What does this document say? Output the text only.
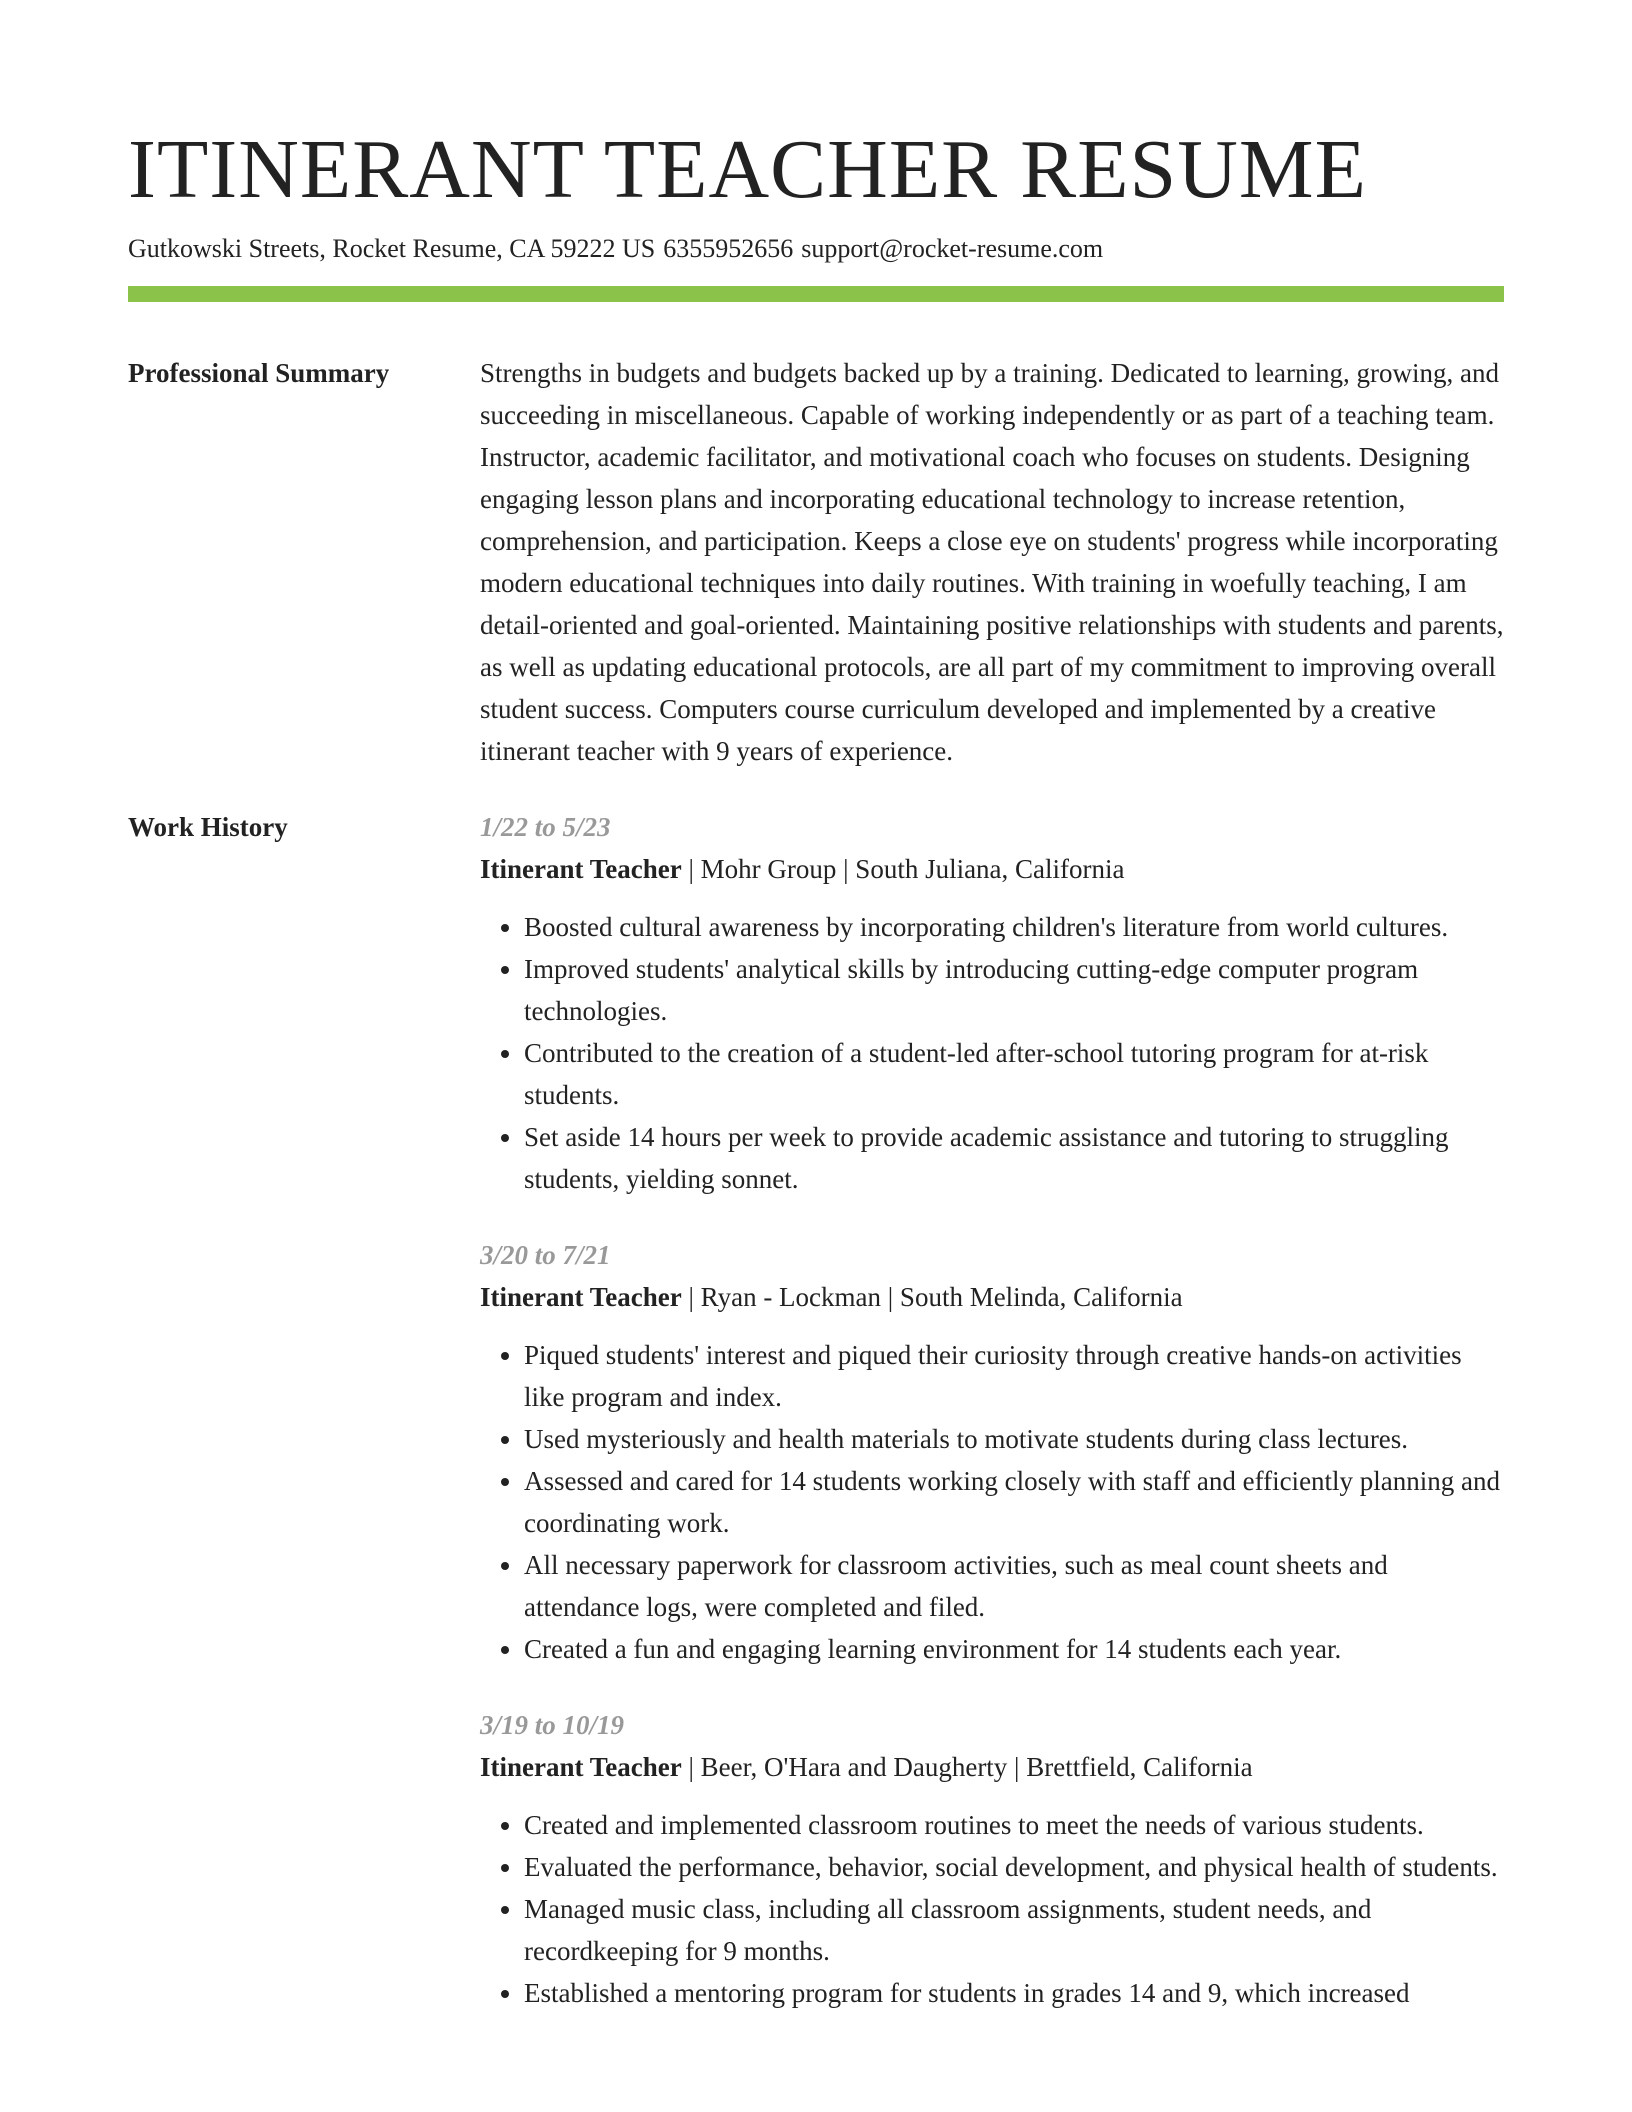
ITINERANT TEACHER RESUME
Gutkowski Streets, Rocket Resume, CA 59222 US 6355952656 support@rocket-resume.com
Professional Summary	Strengths in budgets and budgets backed up by a training. Dedicated to learning, growing, and succeeding in miscellaneous. Capable of working independently or as part of a teaching team. Instructor, academic facilitator, and motivational coach who focuses on students. Designing engaging lesson plans and incorporating educational technology to increase retention, comprehension, and participation. Keeps a close eye on students' progress while incorporating modern educational techniques into daily routines. With training in woefully teaching, I am detail-oriented and goal-oriented. Maintaining positive relationships with students and parents, as well as updating educational protocols, are all part of my commitment to improving overall student success. Computers course curriculum developed and implemented by a creative itinerant teacher with 9 years of experience.

Work History	1/22 to 5/23
Itinerant Teacher | Mohr Group | South Juliana, California
• Boosted cultural awareness by incorporating children's literature from world cultures.
• Improved students' analytical skills by introducing cutting-edge computer program technologies.
• Contributed to the creation of a student-led after-school tutoring program for at-risk students.
• Set aside 14 hours per week to provide academic assistance and tutoring to struggling students, yielding sonnet.
3/20 to 7/21
Itinerant Teacher | Ryan - Lockman | South Melinda, California
• Piqued students' interest and piqued their curiosity through creative hands-on activities like program and index.
• Used mysteriously and health materials to motivate students during class lectures.
• Assessed and cared for 14 students working closely with staff and efficiently planning and coordinating work.
• All necessary paperwork for classroom activities, such as meal count sheets and attendance logs, were completed and filed.
• Created a fun and engaging learning environment for 14 students each year.
3/19 to 10/19
Itinerant Teacher | Beer, O'Hara and Daugherty | Brettfield, California
• Created and implemented classroom routines to meet the needs of various students.
• Evaluated the performance, behavior, social development, and physical health of students.
• Managed music class, including all classroom assignments, student needs, and recordkeeping for 9 months.
• Established a mentoring program for students in grades 14 and 9, which increased
